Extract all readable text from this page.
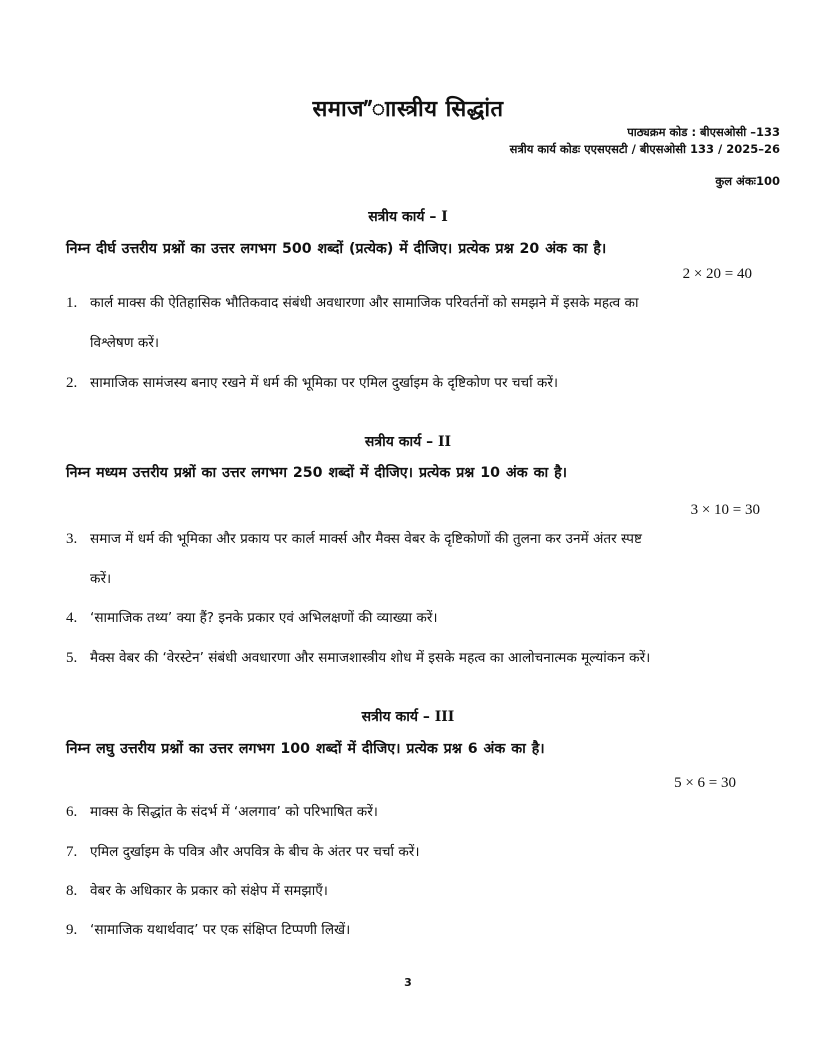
समाज”ाास्त्रीय सिद्धांत
पाठ्यक्रम कोड : बीएसओसी –133
सत्रीय कार्य कोडः एएसएसटी / बीएसओसी 133 / 2025–26
कुल अंकः100
सत्रीय कार्य – I
निम्न दीर्घ उत्तरीय प्रश्नों का उत्तर लगभग 500 शब्दों (प्रत्येक) में दीजिए। प्रत्येक प्रश्न 20 अंक का है।
2 × 20 = 40
1. कार्ल माक्स की ऐतिहासिक भौतिकवाद संबंधी अवधारणा और सामाजिक परिवर्तनों को समझने में इसके महत्व का
विश्लेषण करें।
2. सामाजिक सामंजस्य बनाए रखने में धर्म की भूमिका पर एमिल दुर्खाइम के दृष्टिकोण पर चर्चा करें।
सत्रीय कार्य – II
निम्न मध्यम उत्तरीय प्रश्नों का उत्तर लगभग 250 शब्दों में दीजिए। प्रत्येक प्रश्न 10 अंक का है।
3 × 10 = 30
3. समाज में धर्म की भूमिका और प्रकाय पर कार्ल मार्क्स और मैक्स वेबर के दृष्टिकोणों की तुलना कर उनमें अंतर स्पष्ट
करें।
4. ‘सामाजिक तथ्य’ क्या हैं? इनके प्रकार एवं अभिलक्षणों की व्याख्या करें।
5. मैक्स वेबर की ‘वेरस्टेन’ संबंधी अवधारणा और समाजशास्त्रीय शोध में इसके महत्व का आलोचनात्मक मूल्यांकन करें।
सत्रीय कार्य – III
निम्न लघु उत्तरीय प्रश्नों का उत्तर लगभग 100 शब्दों में दीजिए। प्रत्येक प्रश्न 6 अंक का है।
5 × 6 = 30
6. माक्स के सिद्धांत के संदर्भ में ‘अलगाव’ को परिभाषित करें।
7. एमिल दुर्खाइम के पवित्र और अपवित्र के बीच के अंतर पर चर्चा करें।
8. वेबर के अधिकार के प्रकार को संक्षेप में समझाएँ।
9. ‘सामाजिक यथार्थवाद’ पर एक संक्षिप्त टिप्पणी लिखें।
3
